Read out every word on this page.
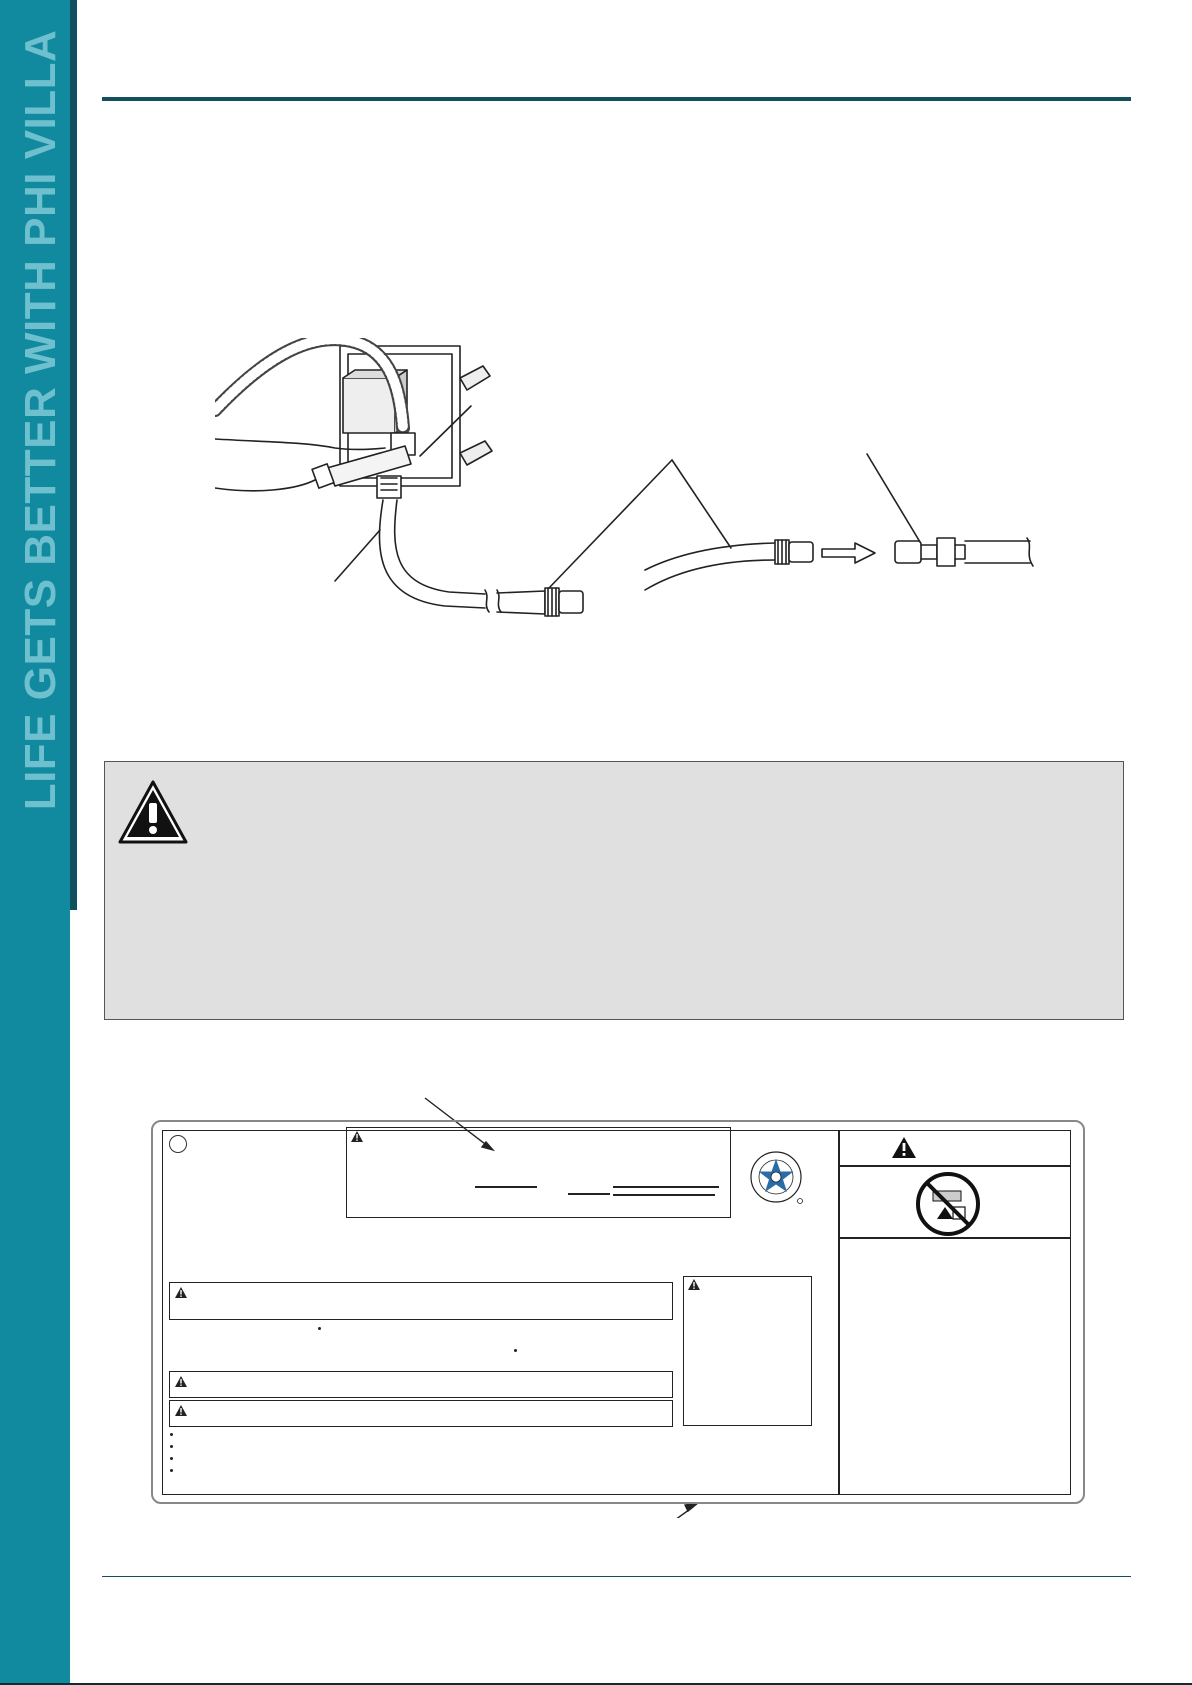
LIFE GETS BETTER WITH PHI VILLA
